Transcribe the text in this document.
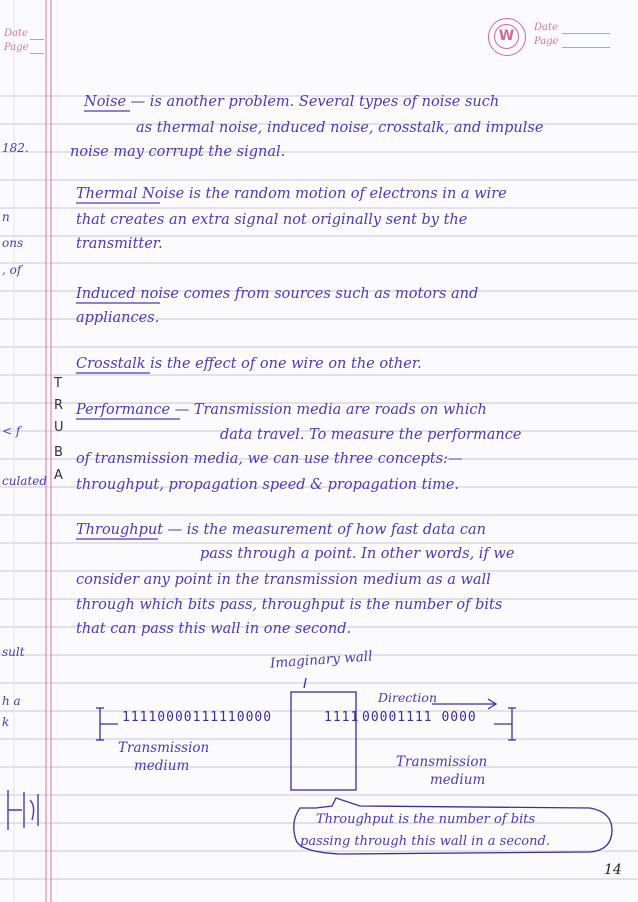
Date
Page
W
Date
Page
182.
n
ons
, of
< f
culated
sult
h a
k
T
R
U
B
A
Noise — is another problem. Several types of noise such
as thermal noise, induced noise, crosstalk, and impulse
noise may corrupt the signal.
Thermal Noise is the random motion of electrons in a wire
that creates an extra signal not originally sent by the
transmitter.
Induced noise comes from sources such as motors and
appliances.
Crosstalk is the effect of one wire on the other.
Performance — Transmission media are roads on which
data travel. To measure the performance
of transmission media, we can use three concepts:—
throughput, propagation speed & propagation time.
Throughput — is the measurement of how fast data can
pass through a point. In other words, if we
consider any point in the transmission medium as a wall
through which bits pass, throughput is the number of bits
that can pass this wall in one second.
Imaginary wall
Direction
11110000111110000	1111 00001111 0000
Transmission
medium	Transmission
medium
Throughput is the number of bits
passing through this wall in a second.
14
